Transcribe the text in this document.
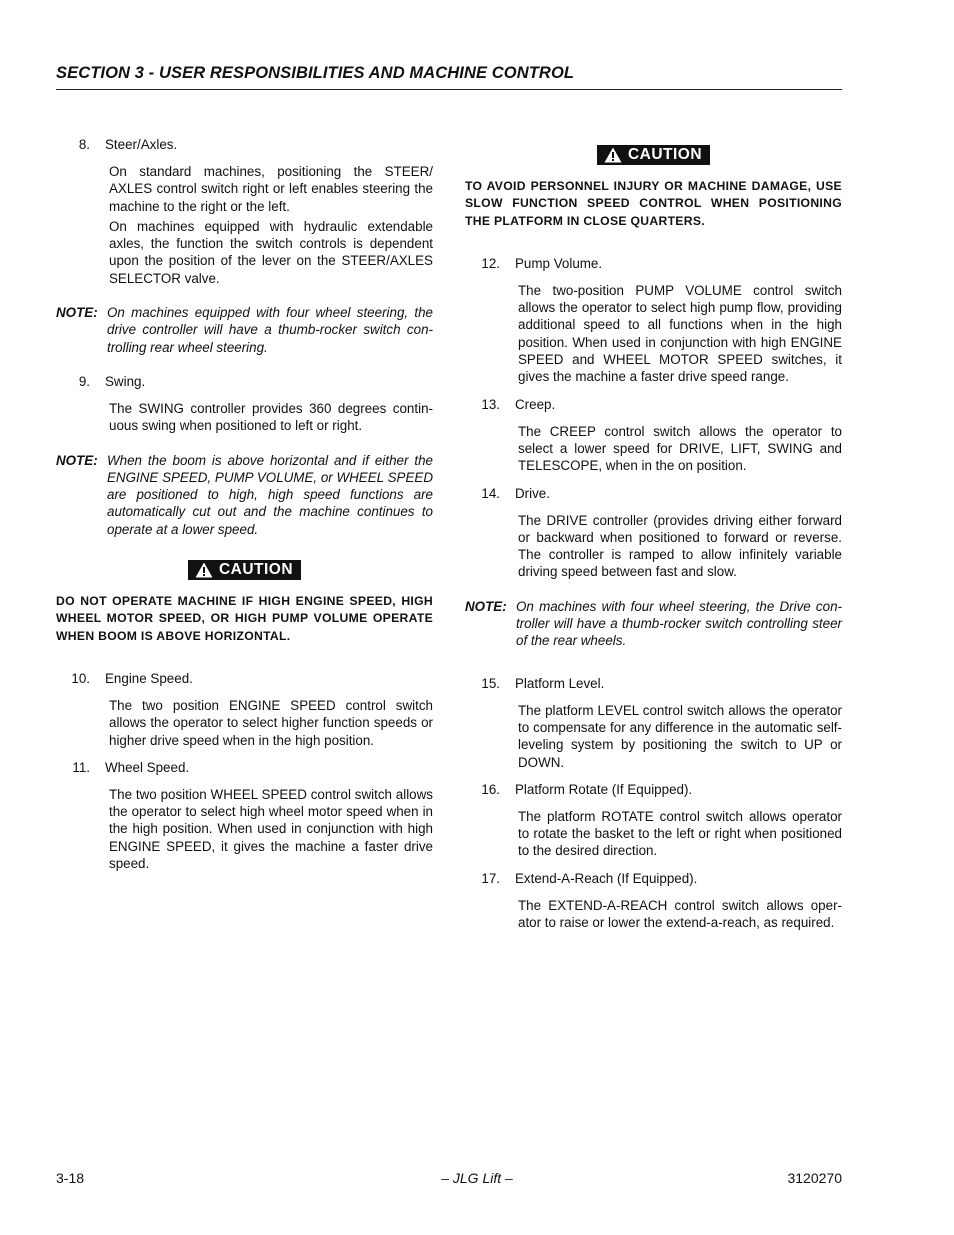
SECTION 3 - USER RESPONSIBILITIES AND MACHINE CONTROL
8.	Steer/Axles.

On standard machines, positioning the STEER/ AXLES control switch right or left enables steering the machine to the right or the left.

On machines equipped with hydraulic extendable axles, the function the switch controls is dependent upon the position of the lever on the STEER/AXLES SELECTOR valve.

NOTE: On machines equipped with four wheel steering, the drive controller will have a thumb-rocker switch controlling rear wheel steering.
9.	Swing.

The SWING controller provides 360 degrees continuous swing when positioned to left or right.

NOTE: When the boom is above horizontal and if either the ENGINE SPEED, PUMP VOLUME, or WHEEL SPEED are positioned to high, high speed functions are automatically cut out and the machine continues to operate at a lower speed.
CAUTION

DO NOT OPERATE MACHINE IF HIGH ENGINE SPEED, HIGH WHEEL MOTOR SPEED, OR HIGH PUMP VOLUME OPERATE WHEN BOOM IS ABOVE HORIZONTAL.

10.	Engine Speed.

The two position ENGINE SPEED control switch allows the operator to select higher function speeds or higher drive speed when in the high position.

11.	Wheel Speed.

The two position WHEEL SPEED control switch allows the operator to select high wheel motor speed when in the high position. When used in conjunction with high ENGINE SPEED, it gives the machine a faster drive speed.

CAUTION

TO AVOID PERSONNEL INJURY OR MACHINE DAMAGE, USE SLOW FUNCTION SPEED CONTROL WHEN POSITIONING THE PLATFORM IN CLOSE QUARTERS.

12.	Pump Volume.

The two-position PUMP VOLUME control switch allows the operator to select high pump flow, providing additional speed to all functions when in the high position. When used in conjunction with high ENGINE SPEED and WHEEL MOTOR SPEED switches, it gives the machine a faster drive speed range.

13.	Creep.

The CREEP control switch allows the operator to select a lower speed for DRIVE, LIFT, SWING and TELESCOPE, when in the on position.

14.	Drive.

The DRIVE controller (provides driving either forward or backward when positioned to forward or reverse. The controller is ramped to allow infinitely variable driving speed between fast and slow.

NOTE: On machines with four wheel steering, the Drive controller will have a thumb-rocker switch controlling steer of the rear wheels.
15.	Platform Level.

The platform LEVEL control switch allows the operator to compensate for any difference in the automatic self-leveling system by positioning the switch to UP or DOWN.

16.	Platform Rotate (If Equipped).

The platform ROTATE control switch allows operator to rotate the basket to the left or right when positioned to the desired direction.

17.	Extend-A-Reach (If Equipped).

The EXTEND-A-REACH control switch allows operator to raise or lower the extend-a-reach, as required.

3-18	– JLG Lift –	3120270
